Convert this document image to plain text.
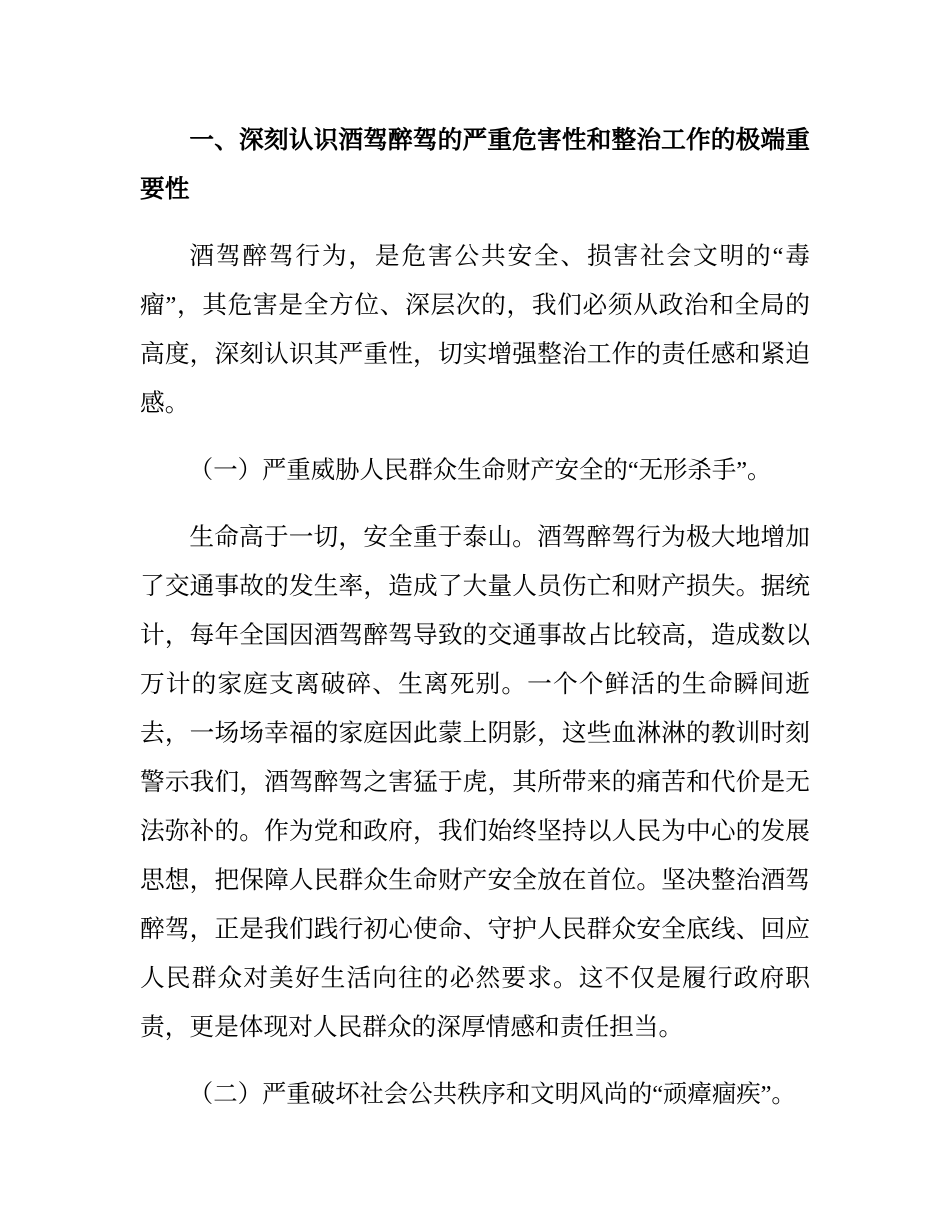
一、深刻认识酒驾醉驾的严重危害性和整治工作的极端重要性

酒驾醉驾行为，是危害公共安全、损害社会文明的“毒瘤”，其危害是全方位、深层次的，我们必须从政治和全局的高度，深刻认识其严重性，切实增强整治工作的责任感和紧迫感。

（一）严重威胁人民群众生命财产安全的“无形杀手”。

生命高于一切，安全重于泰山。酒驾醉驾行为极大地增加了交通事故的发生率，造成了大量人员伤亡和财产损失。据统计，每年全国因酒驾醉驾导致的交通事故占比较高，造成数以万计的家庭支离破碎、生离死别。一个个鲜活的生命瞬间逝去，一场场幸福的家庭因此蒙上阴影，这些血淋淋的教训时刻警示我们，酒驾醉驾之害猛于虎，其所带来的痛苦和代价是无法弥补的。作为党和政府，我们始终坚持以人民为中心的发展思想，把保障人民群众生命财产安全放在首位。坚决整治酒驾醉驾，正是我们践行初心使命、守护人民群众安全底线、回应人民群众对美好生活向往的必然要求。这不仅是履行政府职责，更是体现对人民群众的深厚情感和责任担当。

（二）严重破坏社会公共秩序和文明风尚的“顽瘴痼疾”。
